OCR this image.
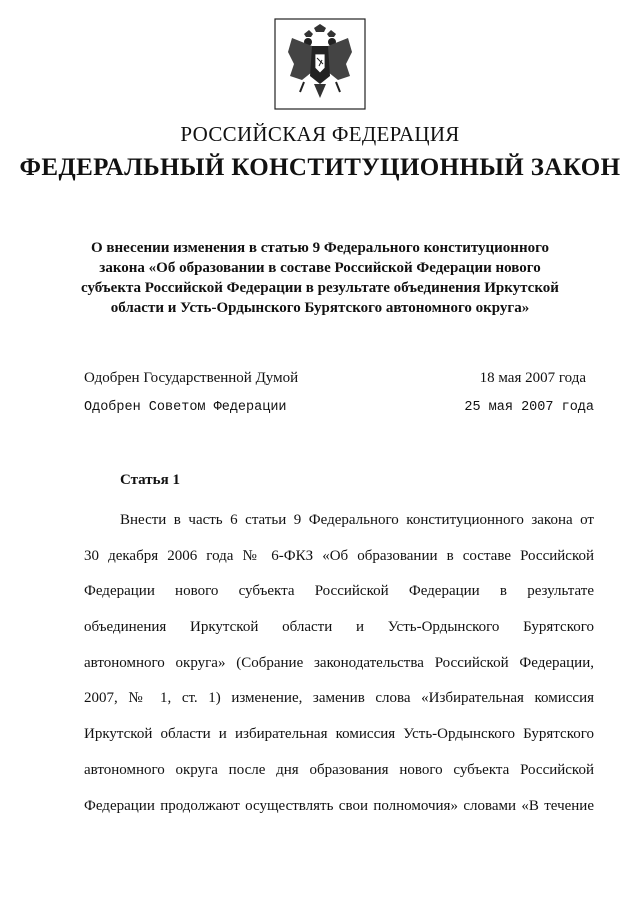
РОССИЙСКАЯ ФЕДЕРАЦИЯ
ФЕДЕРАЛЬНЫЙ КОНСТИТУЦИОННЫЙ ЗАКОН
О внесении изменения в статью 9 Федерального конституционного
закона «Об образовании в составе Российской Федерации нового
субъекта Российской Федерации в результате объединения Иркутской
области и Усть-Ордынского Бурятского автономного округа»
Одобрен Государственной Думой	18 мая 2007 года
Одобрен Советом Федерации	25 мая 2007 года
Статья 1
Внести в часть 6 статьи 9 Федерального конституционного закона от
30 декабря 2006 года № 6-ФКЗ «Об образовании в составе Российской
Федерации нового субъекта Российской Федерации в результате
объединения Иркутской области и Усть-Ордынского Бурятского
автономного округа» (Собрание законодательства Российской Федерации,
2007, № 1, ст. 1) изменение, заменив слова «Избирательная комиссия
Иркутской области и избирательная комиссия Усть-Ордынского Бурятского
автономного округа после дня образования нового субъекта Российской
Федерации продолжают осуществлять свои полномочия» словами «В течение
